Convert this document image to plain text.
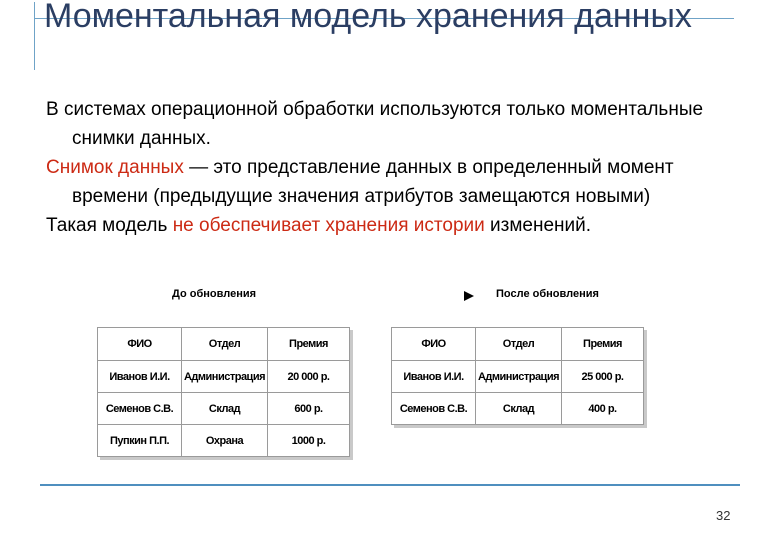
Моментальная модель хранения данных

В системах операционной обработки используются только моментальные снимки данных.

Снимок данных — это представление данных в определенный момент времени (предыдущие значения атрибутов замещаются новыми)

Такая модель не обеспечивает хранения истории изменений.

До обновления	После обновления
ФИО	Отдел	Премия
Иванов И.И.	Администрация	20 000 р.
Семенов С.В.	Склад	600 р.
Пупкин П.П.	Охрана	1000 р.
ФИО	Отдел	Премия
Иванов И.И.	Администрация	25 000 р.
Семенов С.В.	Склад	400 р.
32
